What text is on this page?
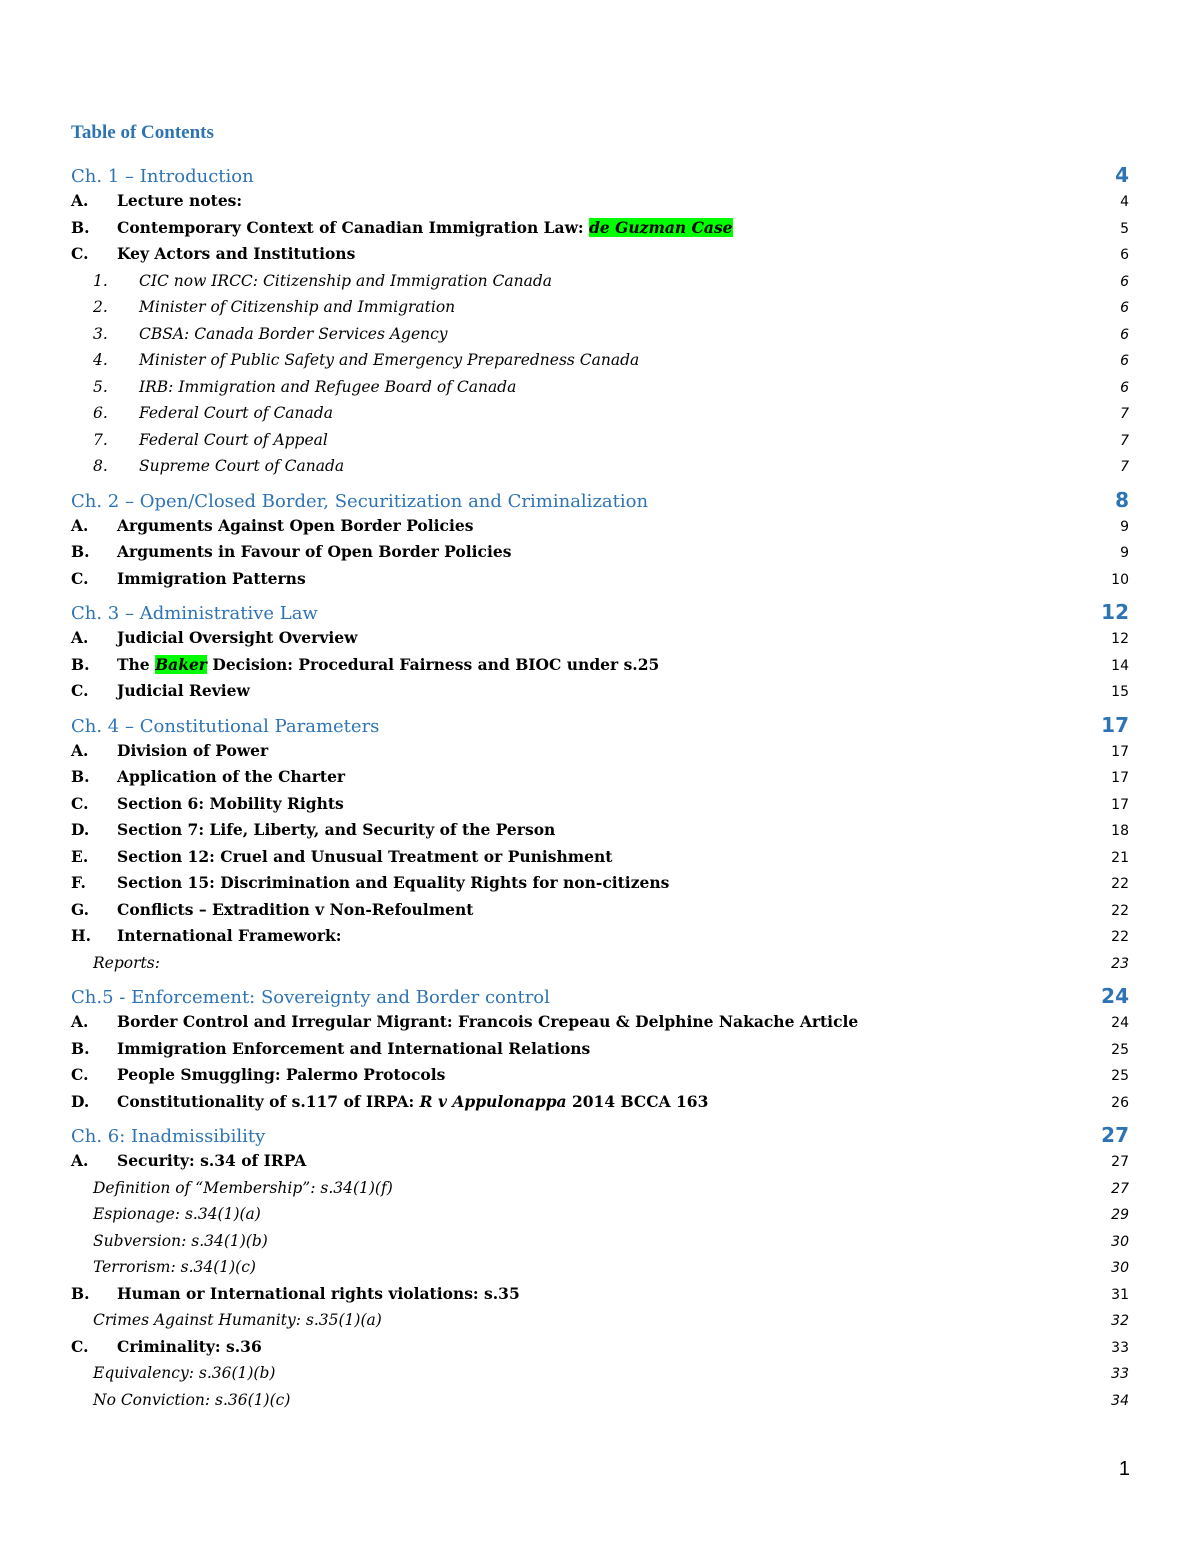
Table of Contents
Ch. 1 – Introduction	4
A. Lecture notes:	4
B. Contemporary Context of Canadian Immigration Law: de Guzman Case	5
C. Key Actors and Institutions	6
1. CIC now IRCC: Citizenship and Immigration Canada	6
2. Minister of Citizenship and Immigration	6
3. CBSA: Canada Border Services Agency	6
4. Minister of Public Safety and Emergency Preparedness Canada	6
5. IRB: Immigration and Refugee Board of Canada	6
6. Federal Court of Canada	7
7. Federal Court of Appeal	7
8. Supreme Court of Canada	7
Ch. 2 – Open/Closed Border, Securitization and Criminalization	8
A. Arguments Against Open Border Policies	9
B. Arguments in Favour of Open Border Policies	9
C. Immigration Patterns	10
Ch. 3 – Administrative Law	12
A. Judicial Oversight Overview	12
B. The Baker Decision: Procedural Fairness and BIOC under s.25	14
C. Judicial Review	15
Ch. 4 – Constitutional Parameters	17
A. Division of Power	17
B. Application of the Charter	17
C. Section 6: Mobility Rights	17
D. Section 7: Life, Liberty, and Security of the Person	18
E. Section 12: Cruel and Unusual Treatment or Punishment	21
F. Section 15: Discrimination and Equality Rights for non-citizens	22
G. Conflicts – Extradition v Non-Refoulment	22
H. International Framework:	22
Reports:	23
Ch.5 - Enforcement: Sovereignty and Border control	24
A. Border Control and Irregular Migrant: Francois Crepeau & Delphine Nakache Article	24
B. Immigration Enforcement and International Relations	25
C. People Smuggling: Palermo Protocols	25
D. Constitutionality of s.117 of IRPA: R v Appulonappa 2014 BCCA 163	26
Ch. 6: Inadmissibility	27
A. Security: s.34 of IRPA	27
Definition of “Membership”: s.34(1)(f)	27
Espionage: s.34(1)(a)	29
Subversion: s.34(1)(b)	30
Terrorism: s.34(1)(c)	30
B. Human or International rights violations: s.35	31
Crimes Against Humanity: s.35(1)(a)	32
C. Criminality: s.36	33
Equivalency: s.36(1)(b)	33
No Conviction: s.36(1)(c)	34
1
